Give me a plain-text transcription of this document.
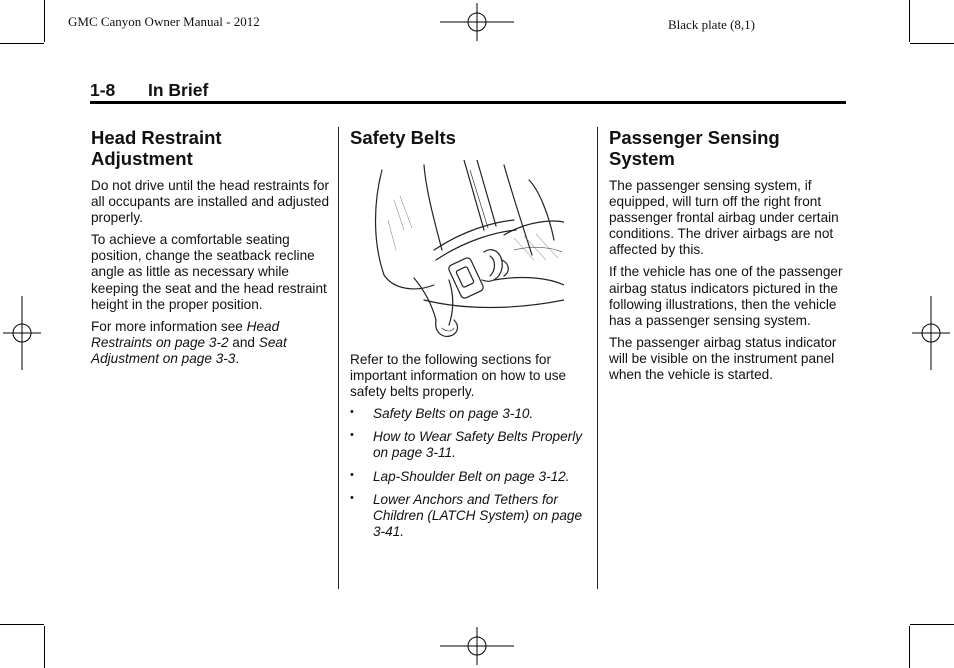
GMC Canyon Owner Manual - 2012	Black plate (8,1)
1-8 In Brief
Head Restraint
Adjustment

Do not drive until the head restraints for all occupants are installed and adjusted properly.

To achieve a comfortable seating position, change the seatback recline angle as little as necessary while keeping the seat and the head restraint height in the proper position.

For more information see Head Restraints on page 3-2 and Seat Adjustment on page 3-3.

Safety Belts

Refer to the following sections for important information on how to use safety belts properly.

• Safety Belts on page 3-10.
• How to Wear Safety Belts Properly on page 3-11.
• Lap-Shoulder Belt on page 3-12.
• Lower Anchors and Tethers for Children (LATCH System) on page 3-41.
Passenger Sensing
System

The passenger sensing system, if equipped, will turn off the right front passenger frontal airbag under certain conditions. The driver airbags are not affected by this.

If the vehicle has one of the passenger airbag status indicators pictured in the following illustrations, then the vehicle has a passenger sensing system.

The passenger airbag status indicator will be visible on the instrument panel when the vehicle is started.
